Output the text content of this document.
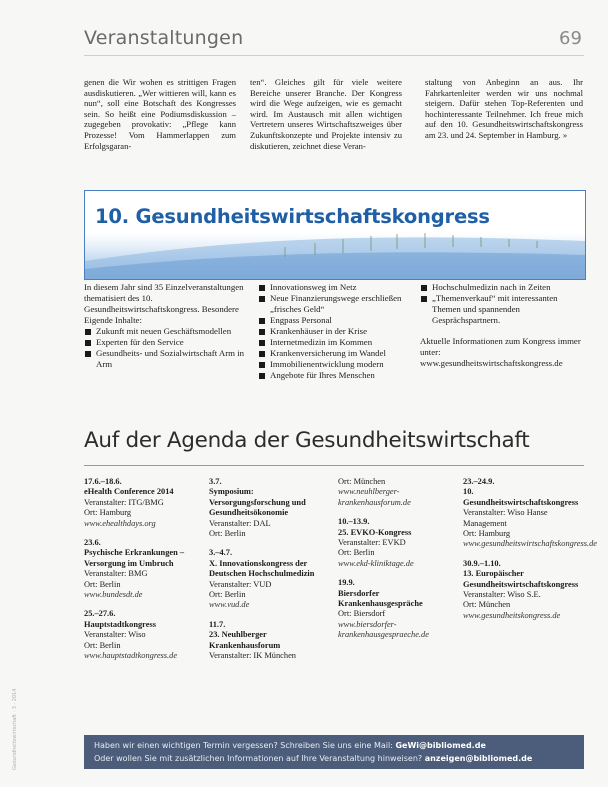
Veranstaltungen	69

genen die Wir wohen es strittigen Fragen ausdiskutieren. „Wer wittieren will, kann es nun“, soll eine Botschaft des Kongresses sein. So heißt eine Podiumsdiskussion – zugegeben provokativ: „Pflege kann Prozesse! Vom Hammerlappen zum Erfolgsgaran-

ten“. Gleiches gilt für viele weitere Bereiche unserer Branche. Der Kongress wird die Wege aufzeigen, wie es gemacht wird. Im Austausch mit allen wichtigen Vertretern unseres Wirtschaftszweiges über Zukunftskonzepte und Projekte intensiv zu diskutieren, zeichnet diese Veran-

staltung von Anbeginn an aus. Ihr Fahrkartenleiter werden wir uns nochmal steigern. Dafür stehen Top-Referenten und hochinteressante Teilnehmer. Ich freue mich auf den 10. Gesundheitswirtschaftskongress am 23. und 24. September in Hamburg. »

10. Gesundheitswirtschaftskongress

In diesem Jahr sind 35 Einzelveranstaltungen thematisiert des 10. Gesundheitswirtschaftskongress. Besondere Eigende Inhalte:

Zukunft mit neuen Geschäftsmodellen
Experten für den Service
Gesundheits- und Sozialwirtschaft Arm in Arm
Innovationsweg im Netz
Neue Finanzierungswege erschließen „frisches Geld“
Engpass Personal
Krankenhäuser in der Krise
Internetmedizin im Kommen
Krankenversicherung im Wandel
Immobilienentwicklung modern
Angebote für Ihres Menschen
Hochschulmedizin nach in Zeiten
„Themenverkauf“ mit interessanten Themen und spannenden Gesprächspartnern.

Aktuelle Informationen zum Kongress immer unter: www.gesundheitswirtschaftskongress.de

Auf der Agenda der Gesundheitswirtschaft
17.6.–18.6.
eHealth Conference 2014
Veranstalter: ITG/BMG
Ort: Hamburg
www.ehealthdays.org
23.6.
Psychische Erkrankungen – Versorgung im Umbruch
Veranstalter: BMG
Ort: Berlin
www.bundesdt.de
25.–27.6.
Hauptstadtkongress
Veranstalter: Wiso
Ort: Berlin
www.hauptstadtkongress.de
3.7.
Symposium: Versorgungsforschung und Gesundheitsökonomie
Veranstalter: DAL
Ort: Berlin
3.–4.7.
X. Innovationskongress der Deutschen Hochschulmedizin
Veranstalter: VUD
Ort: Berlin
www.vud.de
11.7.
23. Neuhlberger Krankenhausforum
Veranstalter: IK München
Ort: München
www.neuhlberger-krankenhausforum.de
10.–13.9.
25. EVKO-Kongress
Veranstalter: EVKD
Ort: Berlin
www.ekd-kliniktage.de
19.9.
Biersdorfer Krankenhausgespräche
Ort: Biersdorf
www.biersdorfer-krankenhausgespraeche.de
23.–24.9.
10. Gesundheitswirtschaftskongress
Veranstalter: Wiso Hanse Management
Ort: Hamburg
www.gesundheitswirtschaftskongress.de
30.9.–1.10.
13. Europäischer Gesundheitswirtschaftskongress
Veranstalter: Wiso S.E.
Ort: München
www.gesundheitskongress.de
Haben wir einen wichtigen Termin vergessen? Schreiben Sie uns eine Mail: GeWi@bibliomed.de
Oder wollen Sie mit zusätzlichen Informationen auf Ihre Veranstaltung hinweisen? anzeigen@bibliomed.de
Gesundheitswirtschaft · 3 · 2014
